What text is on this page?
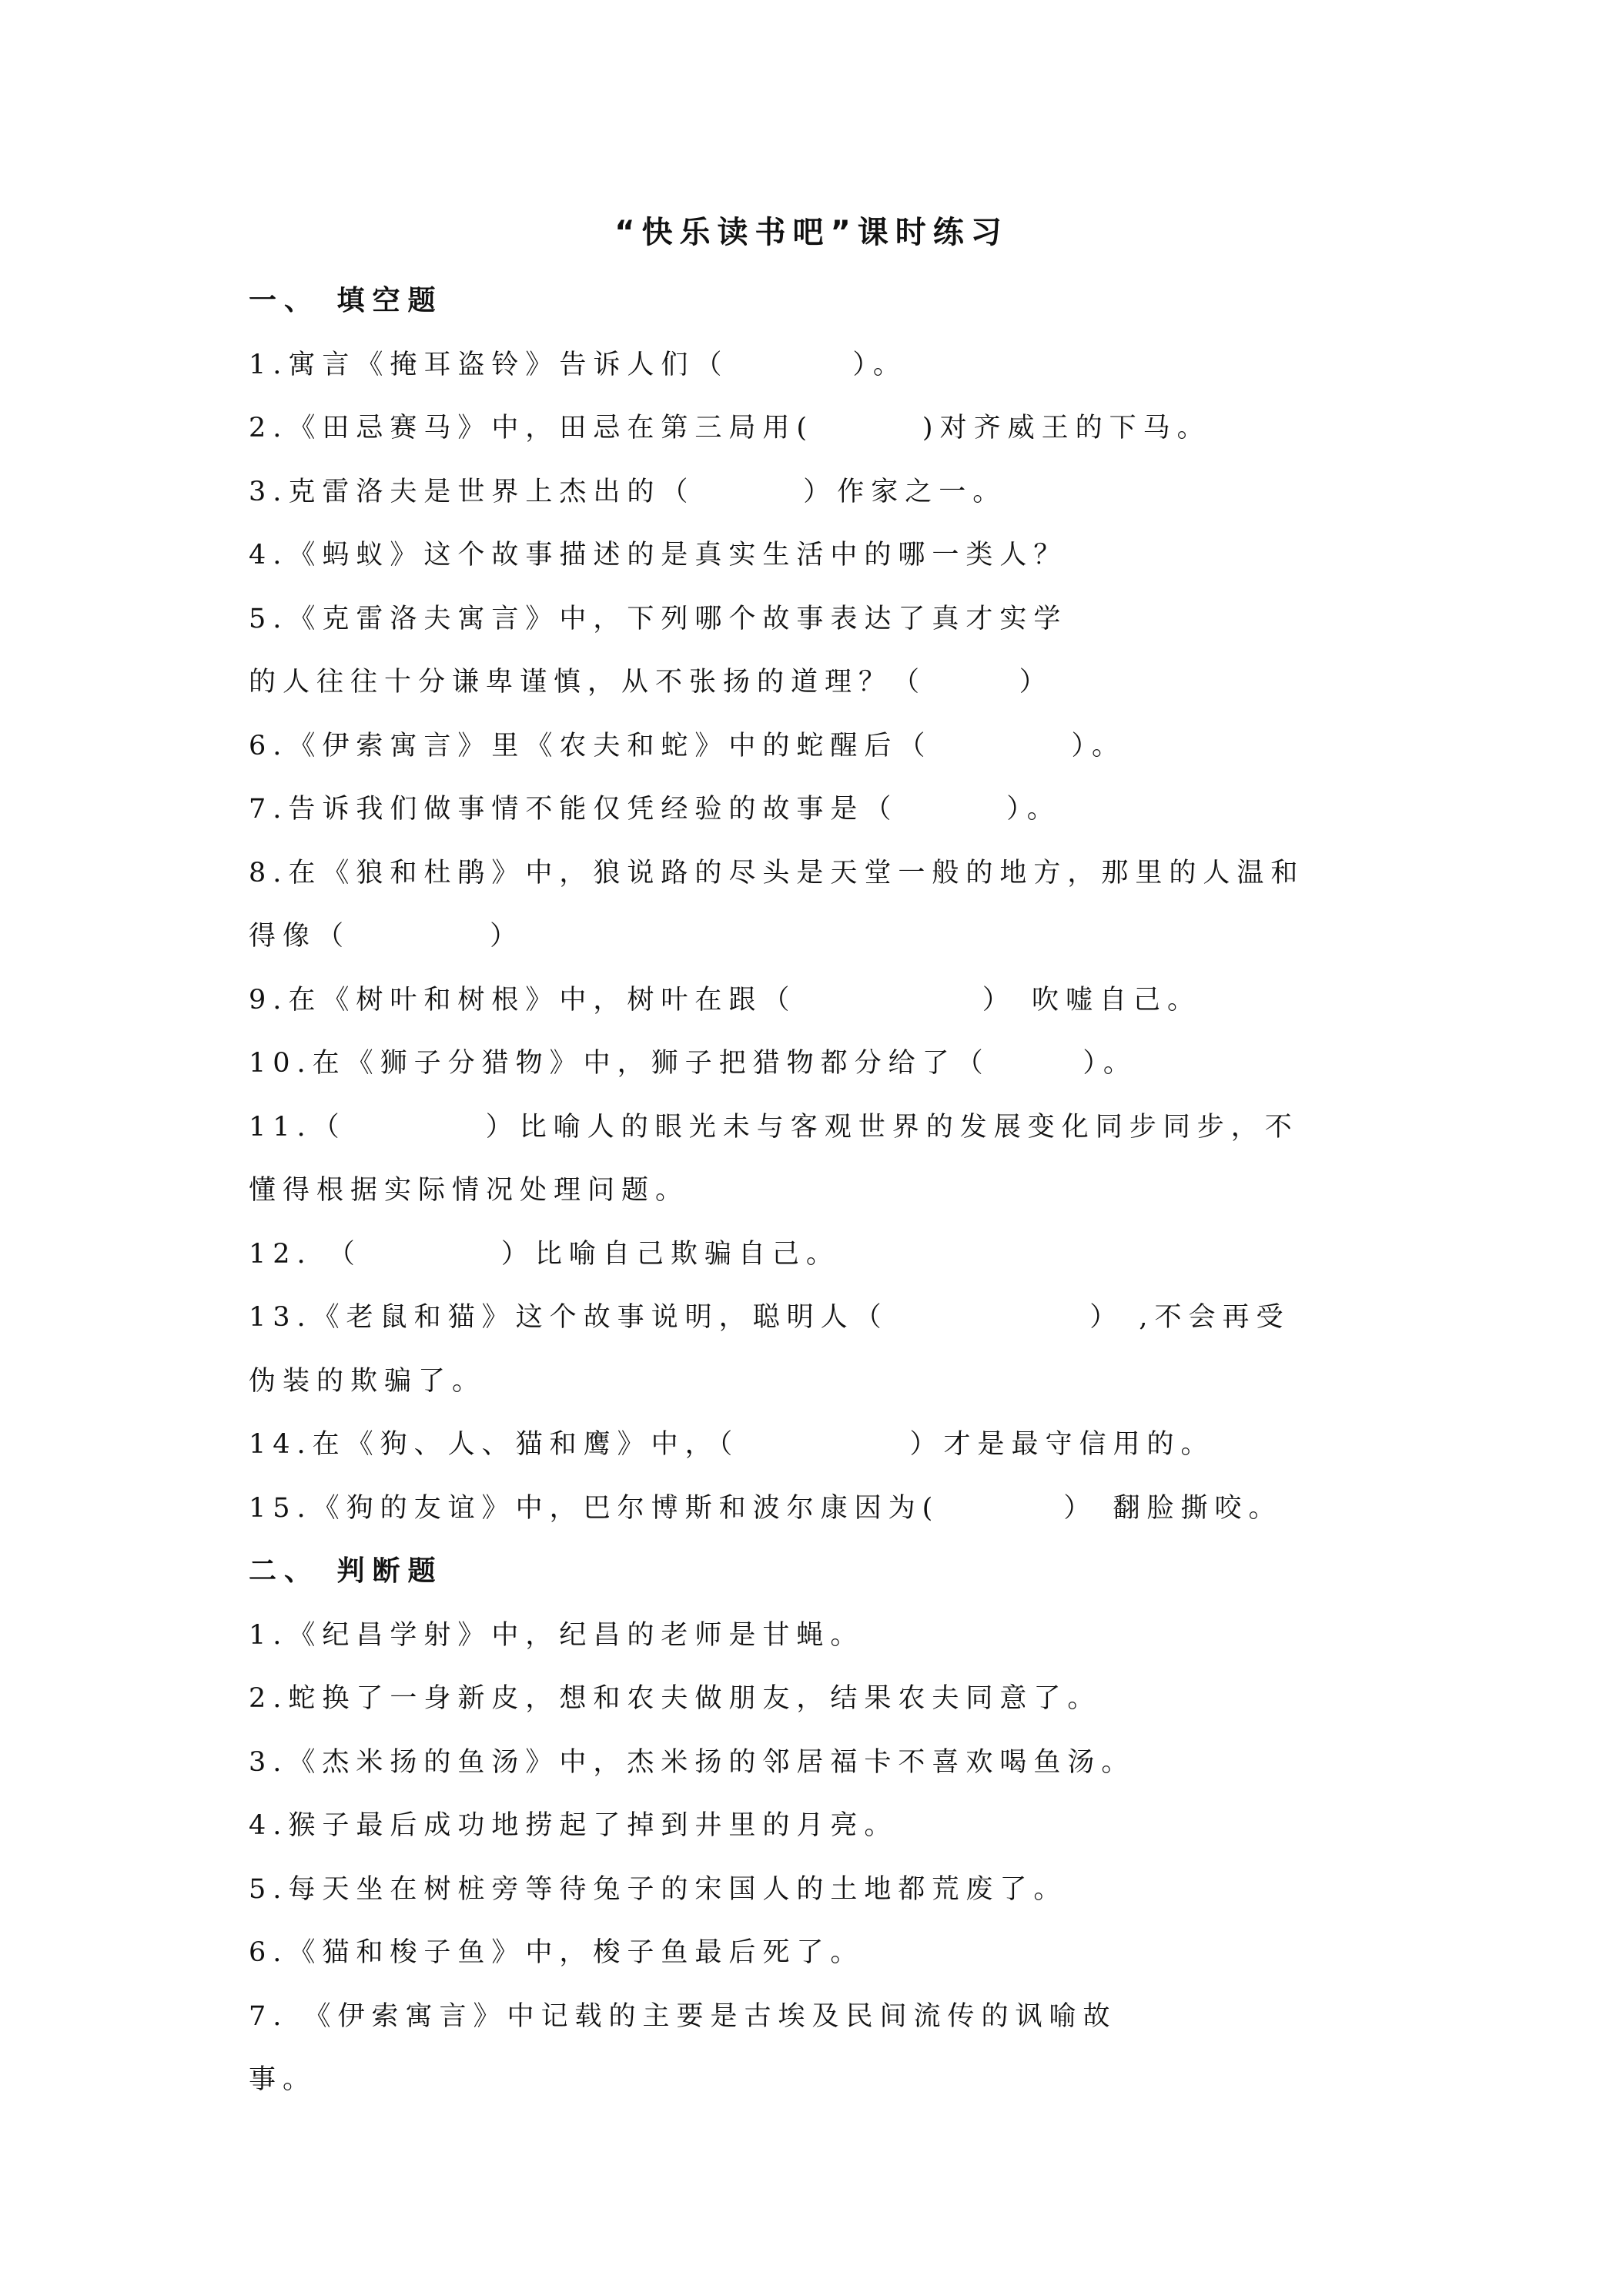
“快乐读书吧”课时练习
一、 填空题
1.寓言《掩耳盗铃》告诉人们（        ）。
2.《田忌赛马》中，田忌在第三局用(       )对齐威王的下马。
3.克雷洛夫是世界上杰出的（       ）作家之一。
4.《蚂蚁》这个故事描述的是真实生活中的哪一类人？
5.《克雷洛夫寓言》中，下列哪个故事表达了真才实学
的人往往十分谦卑谨慎，从不张扬的道理？（      ）
6.《伊索寓言》里《农夫和蛇》中的蛇醒后（         ）。
7.告诉我们做事情不能仅凭经验的故事是（       ）。
8.在《狼和杜鹃》中，狼说路的尽头是天堂一般的地方，那里的人温和
得像（         ）
9.在《树叶和树根》中，树叶在跟（            ） 吹嘘自己。
10.在《狮子分猎物》中，狮子把猎物都分给了（      ）。
11.（         ）比喻人的眼光未与客观世界的发展变化同步同步，不
懂得根据实际情况处理问题。
12. （         ）比喻自己欺骗自己。
13.《老鼠和猫》这个故事说明，聪明人（             ） ,不会再受
伪装的欺骗了。
14.在《狗、人、猫和鹰》中，（           ）才是最守信用的。
15.《狗的友谊》中，巴尔博斯和波尔康因为(        ） 翻脸撕咬。
二、 判断题
1.《纪昌学射》中，纪昌的老师是甘蝇。
2.蛇换了一身新皮，想和农夫做朋友，结果农夫同意了。
3.《杰米扬的鱼汤》中，杰米扬的邻居福卡不喜欢喝鱼汤。
4.猴子最后成功地捞起了掉到井里的月亮。
5.每天坐在树桩旁等待兔子的宋国人的土地都荒废了。
6.《猫和梭子鱼》中，梭子鱼最后死了。
7. 《伊索寓言》中记载的主要是古埃及民间流传的讽喻故
事。
